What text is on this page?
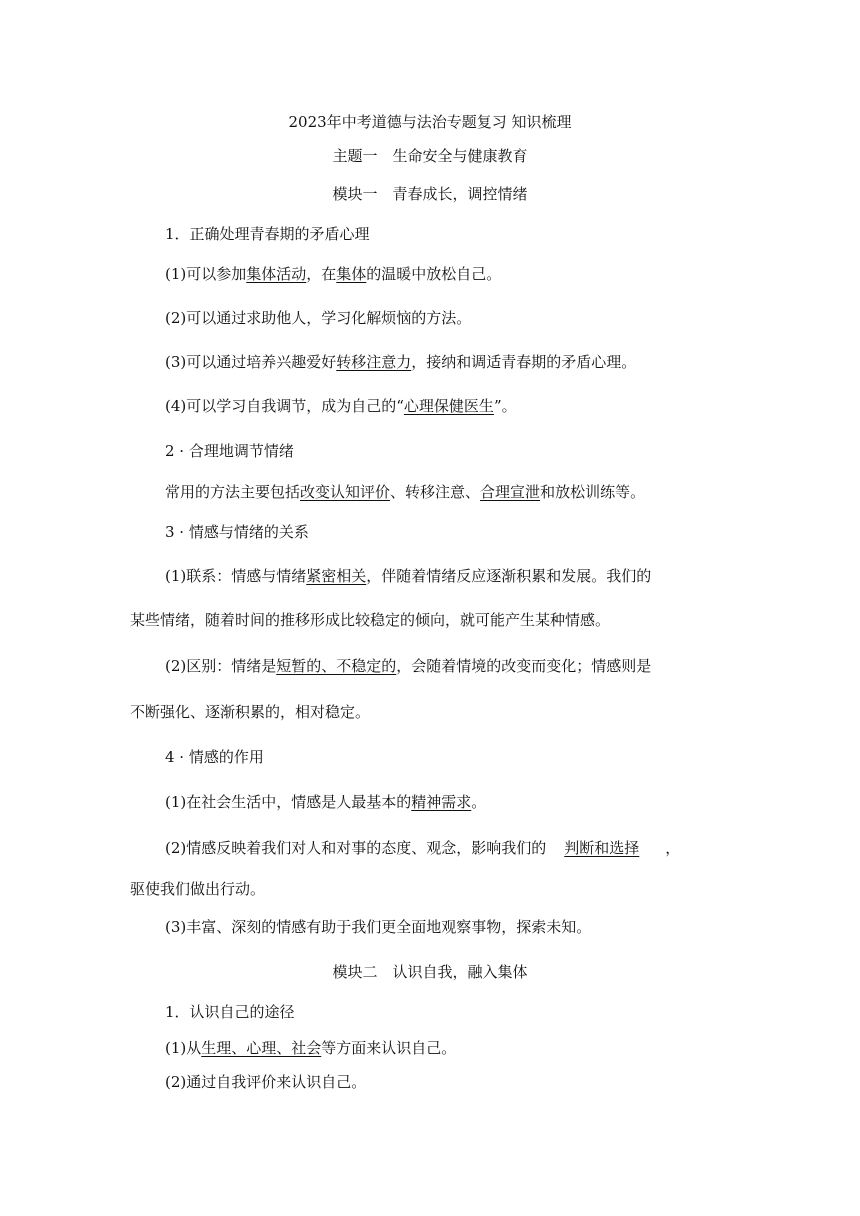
2023年中考道德与法治专题复习 知识梳理
主题一　生命安全与健康教育
模块一　青春成长，调控情绪
1．正确处理青春期的矛盾心理
(1)可以参加集体活动，在集体的温暖中放松自己。
(2)可以通过求助他人，学习化解烦恼的方法。
(3)可以通过培养兴趣爱好转移注意力，接纳和调适青春期的矛盾心理。
(4)可以学习自我调节，成为自己的“心理保健医生”。
2 · 合理地调节情绪
常用的方法主要包括改变认知评价、转移注意、合理宣泄和放松训练等。
3 · 情感与情绪的关系
(1)联系：情感与情绪紧密相关，伴随着情绪反应逐渐积累和发展。我们的
某些情绪，随着时间的推移形成比较稳定的倾向，就可能产生某种情感。
(2)区别：情绪是短暂的、不稳定的，会随着情境的改变而变化；情感则是
不断强化、逐渐积累的，相对稳定。
4 · 情感的作用
(1)在社会生活中，情感是人最基本的精神需求。
(2)情感反映着我们对人和对事的态度、观念，影响我们的 判断和选择 ，
驱使我们做出行动。
(3)丰富、深刻的情感有助于我们更全面地观察事物，探索未知。
模块二　认识自我，融入集体
1．认识自己的途径
(1)从生理、心理、社会等方面来认识自己。
(2)通过自我评价来认识自己。
